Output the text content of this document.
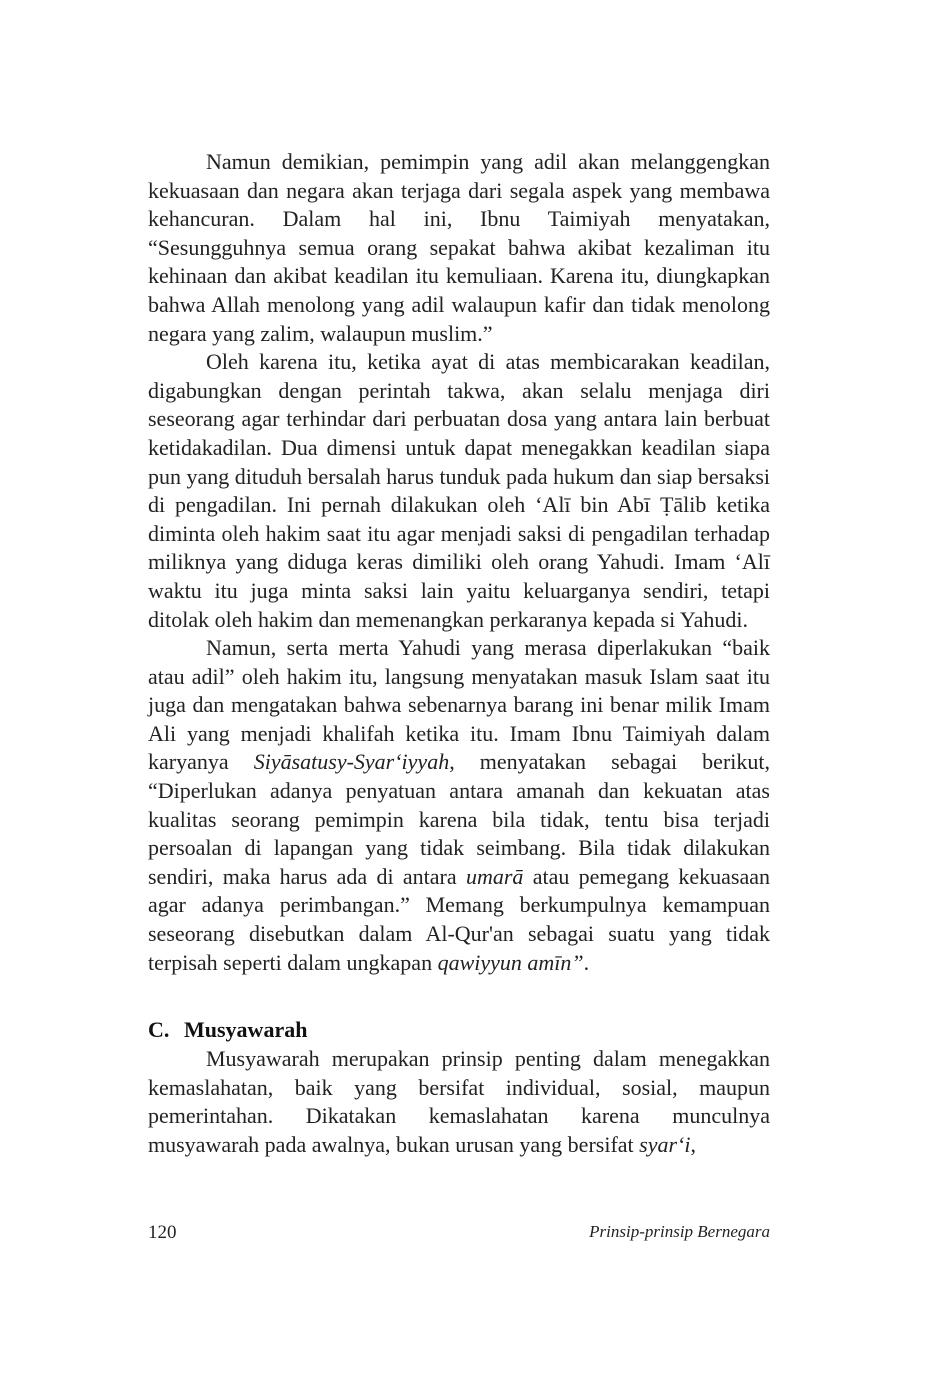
Namun demikian, pemimpin yang adil akan melanggengkan kekuasaan dan negara akan terjaga dari segala aspek yang membawa kehancuran. Dalam hal ini, Ibnu Taimiyah menyatakan, “Sesungguhnya semua orang sepakat bahwa akibat kezaliman itu kehinaan dan akibat keadilan itu kemuliaan. Karena itu, diungkapkan bahwa Allah menolong yang adil walaupun kafir dan tidak menolong negara yang zalim, walaupun muslim.”

Oleh karena itu, ketika ayat di atas membicarakan keadilan, digabungkan dengan perintah takwa, akan selalu menjaga diri seseorang agar terhindar dari perbuatan dosa yang antara lain berbuat ketidakadilan. Dua dimensi untuk dapat menegakkan keadilan siapa pun yang dituduh bersalah harus tunduk pada hukum dan siap bersaksi di pengadilan. Ini pernah dilakukan oleh ‘Alī bin Abī Ṭālib ketika diminta oleh hakim saat itu agar menjadi saksi di pengadilan terhadap miliknya yang diduga keras dimiliki oleh orang Yahudi. Imam ‘Alī waktu itu juga minta saksi lain yaitu keluarganya sendiri, tetapi ditolak oleh hakim dan memenangkan perkaranya kepada si Yahudi.

Namun, serta merta Yahudi yang merasa diperlakukan “baik atau adil” oleh hakim itu, langsung menyatakan masuk Islam saat itu juga dan mengatakan bahwa sebenarnya barang ini benar milik Imam Ali yang menjadi khalifah ketika itu. Imam Ibnu Taimiyah dalam karyanya Siyāsatusy-Syar‘iyyah, menyatakan sebagai berikut, “Diperlukan adanya penyatuan antara amanah dan kekuatan atas kualitas seorang pemimpin karena bila tidak, tentu bisa terjadi persoalan di lapangan yang tidak seimbang. Bila tidak dilakukan sendiri, maka harus ada di antara umarā atau pemegang kekuasaan agar adanya perimbangan.” Memang berkumpulnya kemampuan seseorang disebutkan dalam Al-Qur'an sebagai suatu yang tidak terpisah seperti dalam ungkapan qawiyyun amīn”.

C. Musyawarah

Musyawarah merupakan prinsip penting dalam menegakkan kemaslahatan, baik yang bersifat individual, sosial, maupun pemerintahan. Dikatakan kemaslahatan karena munculnya musyawarah pada awalnya, bukan urusan yang bersifat syar‘i,

120	Prinsip-prinsip Bernegara
